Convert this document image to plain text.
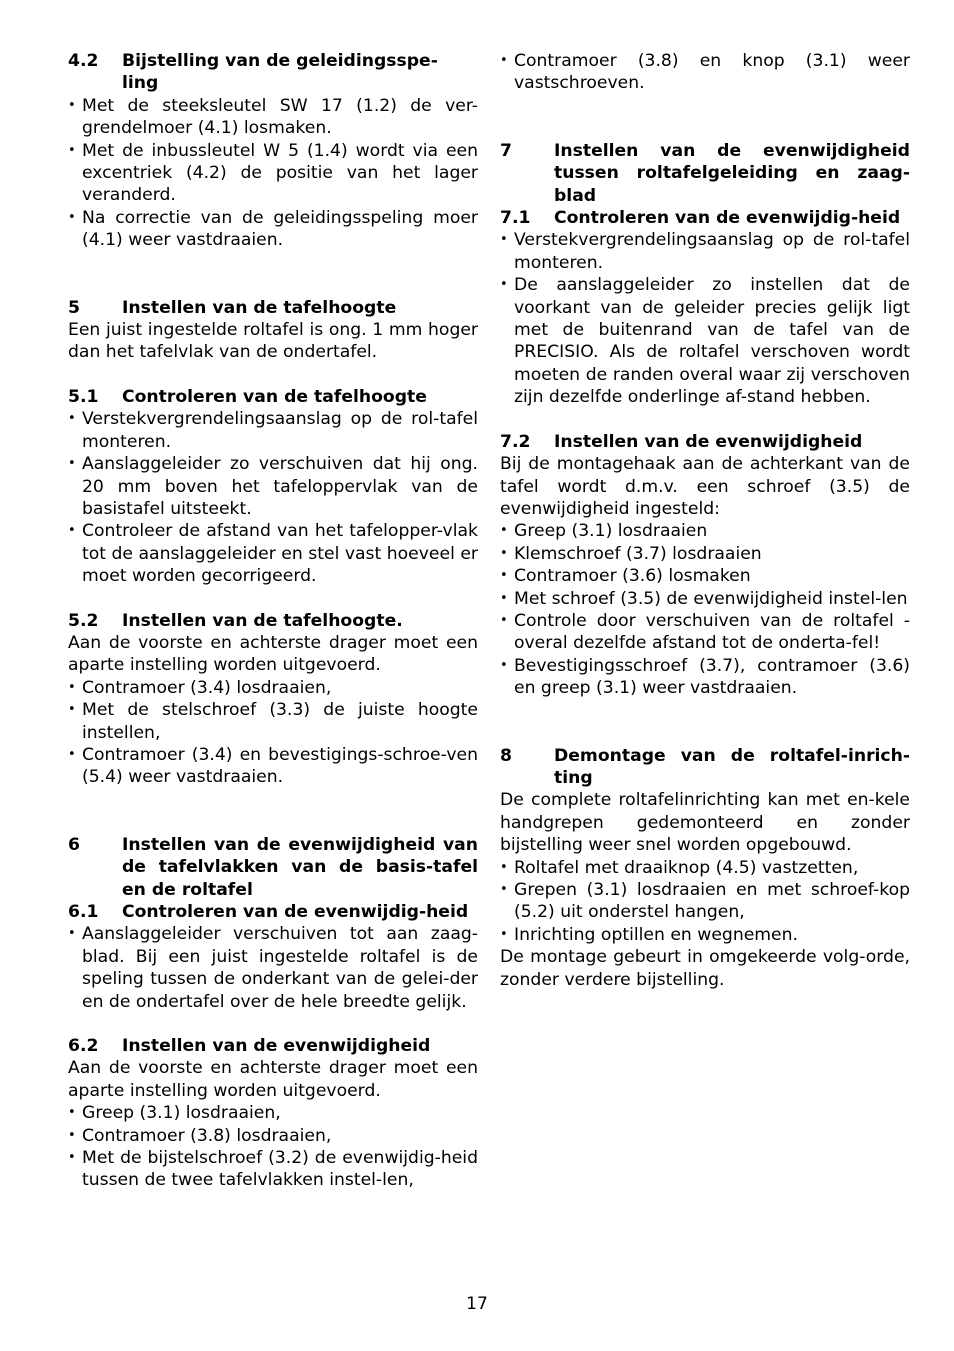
4.2	Bijstelling van de geleidingsspe-
ling
• Met de steeksleutel SW 17 (1.2) de ver-grendelmoer (4.1) losmaken.
• Met de inbussleutel W 5 (1.4) wordt via een excentriek (4.2) de positie van het lager veranderd.
• Na correctie van de geleidingsspeling moer (4.1) weer vastdraaien.
5	Instellen van de tafelhoogte

Een juist ingestelde roltafel is ong. 1 mm hoger dan het tafelvlak van de ondertafel.

5.1	Controleren van de tafelhoogte
• Verstekvergrendelingsaanslag op de rol-tafel monteren.
• Aanslaggeleider zo verschuiven dat hij ong. 20 mm boven het tafeloppervlak van de basistafel uitsteekt.
• Controleer de afstand van het tafelopper-vlak tot de aanslaggeleider en stel vast hoeveel er moet worden gecorrigeerd.
5.2	Instellen van de tafelhoogte.

Aan de voorste en achterste drager moet een aparte instelling worden uitgevoerd.

• Contramoer (3.4) losdraaien,
• Met de stelschroef (3.3) de juiste hoogte instellen,
• Contramoer (3.4) en bevestigings-schroe-ven (5.4) weer vastdraaien.
6	Instellen van de evenwijdigheid van de tafelvlakken van de basis-tafel en de roltafel
6.1	Controleren van de evenwijdig-heid
• Aanslaggeleider verschuiven tot aan zaag-blad. Bij een juist ingestelde roltafel is de speling tussen de onderkant van de gelei-der en de ondertafel over de hele breedte gelijk.
6.2	Instellen van de evenwijdigheid

Aan de voorste en achterste drager moet een aparte instelling worden uitgevoerd.

• Greep (3.1) losdraaien,
• Contramoer (3.8) losdraaien,
• Met de bijstelschroef (3.2) de evenwijdig-heid tussen de twee tafelvlakken instel-len,
• Contramoer (3.8) en knop (3.1) weer vastschroeven.
7	Instellen van de evenwijdigheid tussen roltafelgeleiding en zaag-blad
7.1	Controleren van de evenwijdig-heid
• Verstekvergrendelingsaanslag op de rol-tafel monteren.
• De aanslaggeleider zo instellen dat de voorkant van de geleider precies gelijk ligt met de buitenrand van de tafel van de PRECISIO. Als de roltafel verschoven wordt moeten de randen overal waar zij verschoven zijn dezelfde onderlinge af-stand hebben.
7.2	Instellen van de evenwijdigheid

Bij de montagehaak aan de achterkant van de tafel wordt d.m.v. een schroef (3.5) de evenwijdigheid ingesteld:

• Greep (3.1) losdraaien
• Klemschroef (3.7) losdraaien
• Contramoer (3.6) losmaken
• Met schroef (3.5) de evenwijdigheid instel-len
• Controle door verschuiven van de roltafel - overal dezelfde afstand tot de onderta-fel!
• Bevestigingsschroef (3.7), contramoer (3.6) en greep (3.1) weer vastdraaien.
8	Demontage van de roltafel-inrich-ting

De complete roltafelinrichting kan met en-kele handgrepen gedemonteerd en zonder bijstelling weer snel worden opgebouwd.

• Roltafel met draaiknop (4.5) vastzetten,
• Grepen (3.1) losdraaien en met schroef-kop (5.2) uit onderstel hangen,
• Inrichting optillen en wegnemen.

De montage gebeurt in omgekeerde volg-orde, zonder verdere bijstelling.

17
